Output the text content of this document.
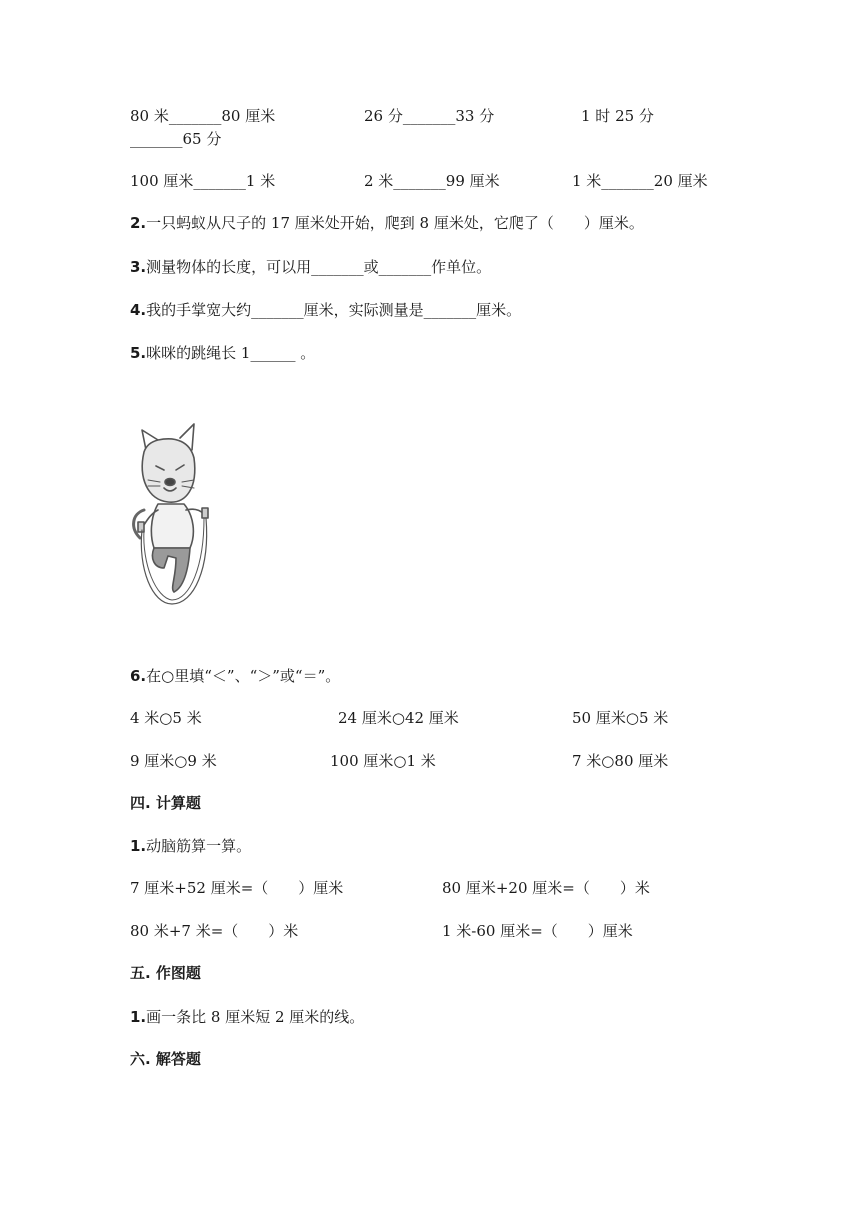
80 米_______80 厘米	26 分_______33 分	1 时 25 分
_______65 分
100 厘米_______1 米	2 米_______99 厘米	1 米_______20 厘米
2.一只蚂蚁从尺子的 17 厘米处开始，爬到 8 厘米处，它爬了（　　）厘米。
3.测量物体的长度，可以用_______或_______作单位。
4.我的手掌宽大约_______厘米，实际测量是_______厘米。
5.咪咪的跳绳长 1______ 。
6.在○里填“＜”、“＞”或“＝”。
4 米○5 米	24 厘米○42 厘米	50 厘米○5 米
9 厘米○9 米	100 厘米○1 米	7 米○80 厘米
四. 计算题
1.动脑筋算一算。
7 厘米+52 厘米=（　　）厘米	80 厘米+20 厘米=（　　）米
80 米+7 米=（　　）米	1 米-60 厘米=（　　）厘米
五. 作图题
1.画一条比 8 厘米短 2 厘米的线。
六. 解答题
